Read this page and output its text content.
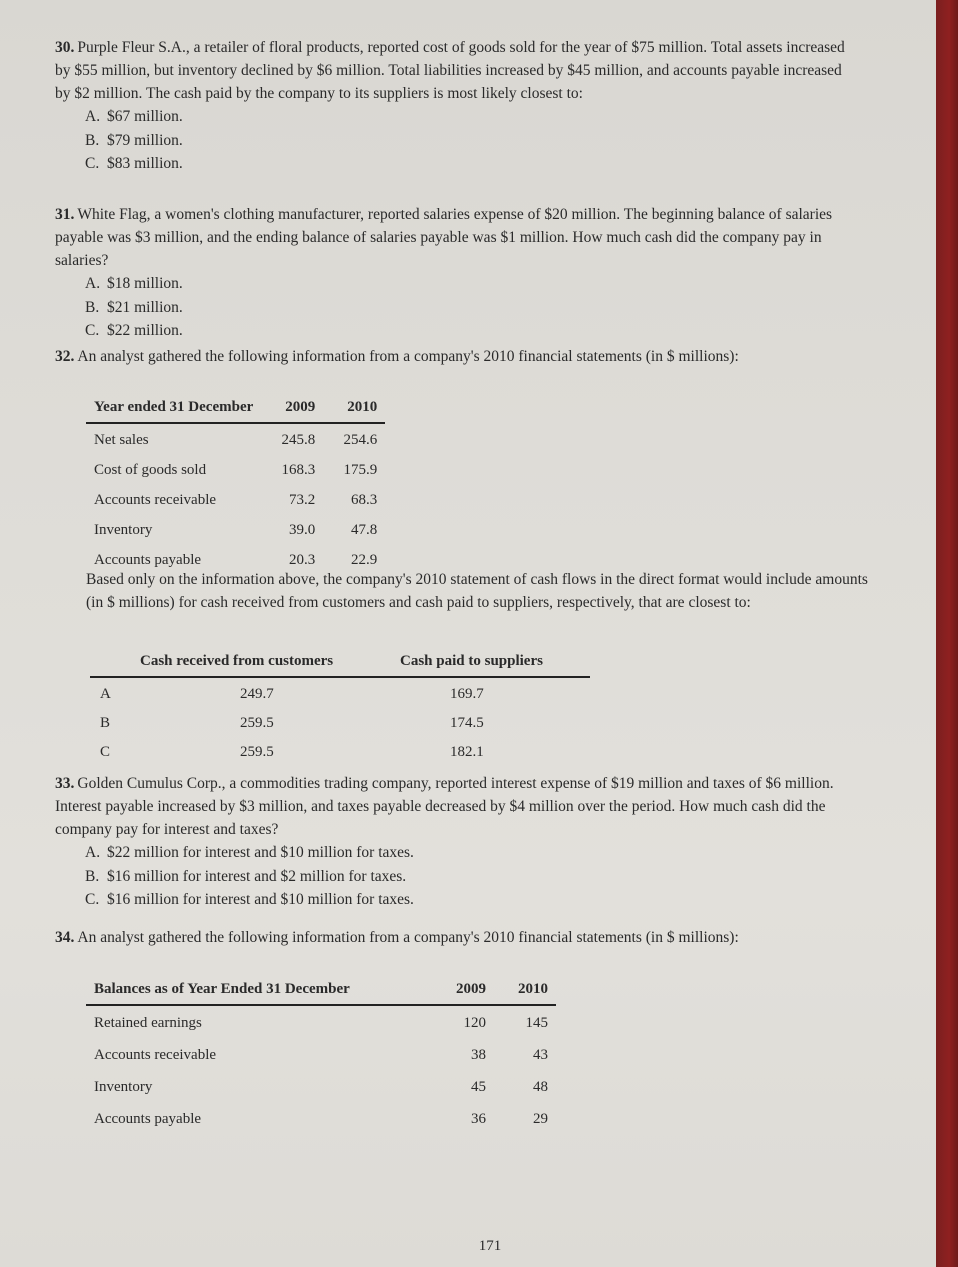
30. Purple Fleur S.A., a retailer of floral products, reported cost of goods sold for the year of $75 million. Total assets increased by $55 million, but inventory declined by $6 million. Total liabilities increased by $45 million, and accounts payable increased by $2 million. The cash paid by the company to its suppliers is most likely closest to:
A. $67 million.
B. $79 million.
C. $83 million.
31. White Flag, a women's clothing manufacturer, reported salaries expense of $20 million. The beginning balance of salaries payable was $3 million, and the ending balance of salaries payable was $1 million. How much cash did the company pay in salaries?
A. $18 million.
B. $21 million.
C. $22 million.
32. An analyst gathered the following information from a company's 2010 financial statements (in $ millions):
Year ended 31 December	2009	2010
Net sales	245.8	254.6
Cost of goods sold	168.3	175.9
Accounts receivable	73.2	68.3
Inventory	39.0	47.8
Accounts payable	20.3	22.9
Based only on the information above, the company's 2010 statement of cash flows in the direct format would include amounts (in $ millions) for cash received from customers and cash paid to suppliers, respectively, that are closest to:
	Cash received from customers	Cash paid to suppliers
A	249.7	169.7
B	259.5	174.5
C	259.5	182.1
33. Golden Cumulus Corp., a commodities trading company, reported interest expense of $19 million and taxes of $6 million. Interest payable increased by $3 million, and taxes payable decreased by $4 million over the period. How much cash did the company pay for interest and taxes?
A. $22 million for interest and $10 million for taxes.
B. $16 million for interest and $2 million for taxes.
C. $16 million for interest and $10 million for taxes.
34. An analyst gathered the following information from a company's 2010 financial statements (in $ millions):
Balances as of Year Ended 31 December	2009	2010
Retained earnings	120	145
Accounts receivable	38	43
Inventory	45	48
Accounts payable	36	29
171
